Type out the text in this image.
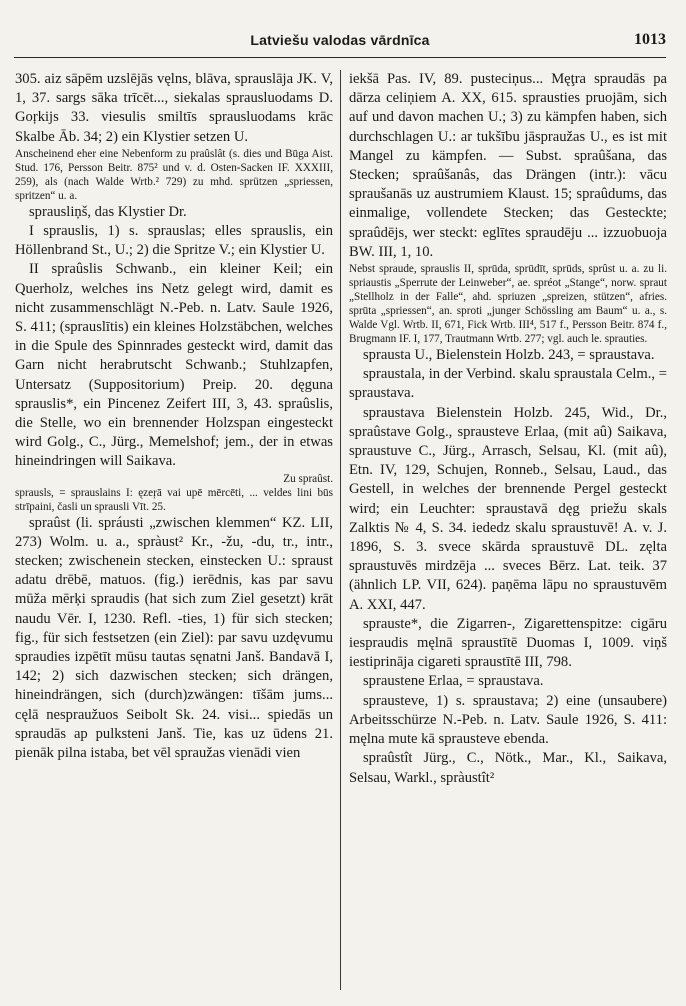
Latviešu valodas vārdnīca	1013

305. aiz sāpēm uzslējās vęlns, blāva, sprauslāja JK. V, 1, 37. sargs sāka trīcēt..., siekalas sprausluodams D. Goŗkijs 33. viesulis smiltīs sprausluodams krāc Skalbe Āb. 34; 2) ein Klystier setzen U.

Anscheinend eher eine Nebenform zu praûslât (s. dies und Būga Aist. Stud. 176, Persson Beitr. 875² und v. d. Osten-Sacken IF. XXXIII, 259), als (nach Walde Wrtb.² 729) zu mhd. sprützen „spriessen, spritzen“ u. a.

sprausliņš, das Klystier Dr.

I sprauslis, 1) s. sprauslas; elles sprauslis, ein Höllenbrand St., U.; 2) die Spritze V.; ein Klystier U.

II spraûslis Schwanb., ein kleiner Keil; ein Querholz, welches ins Netz gelegt wird, damit es nicht zusammenschlägt N.-Peb. n. Latv. Saule 1926, S. 411; (sprauslītis) ein kleines Holzstäbchen, welches in die Spule des Spinnrades gesteckt wird, damit das Garn nicht herabrutscht Schwanb.; Stuhlzapfen, Untersatz (Suppositorium) Preip. 20. dęguna sprauslis*, ein Pincenez Zeifert III, 3, 43. spraûslis, die Stelle, wo ein brennender Holzspan eingesteckt wird Golg., C., Jürg., Memelshof; jem., der in etwas hineindringen will Saikava.

Zu spraûst.
sprausls, = sprauslains I: ęzeŗā vai upē mērcēti, ... veldes lini būs strīpaini, časli un sprausli Vīt. 25.

spraûst (li. spráusti „zwischen klemmen“ KZ. LII, 273) Wolm. u. a., spràust² Kr., -žu, -du, tr., intr., stecken; zwischenein stecken, einstecken U.: spraust adatu drēbē, matuos. (fig.) ierēdnis, kas par savu mūža mērķi spraudis (hat sich zum Ziel gesetzt) krāt naudu Vēr. I, 1230. Refl. -ties, 1) für sich stecken; fig., für sich festsetzen (ein Ziel): par savu uzdęvumu spraudies izpētīt mūsu tautas sęnatni Janš. Bandavā I, 142; 2) sich dazwischen stecken; sich drängen, hineindrängen, sich (durch)zwängen: tīšām jums... cęlā nespraužuos Seibolt Sk. 24. visi... spiedās un spraudās ap pulksteni Janš. Tie, kas uz ūdens 21. pienāk pilna istaba, bet vēl spraužas vienādi vien

iekšā Pas. IV, 89. pusteciņus... Męţra spraudās pa dārza celiņiem A. XX, 615. sprausties pruojām, sich auf und davon machen U.; 3) zu kämpfen haben, sich durchschlagen U.: ar tukšību jāspraužas U., es ist mit Mangel zu kämpfen. — Subst. spraûšana, das Stecken; spraûšanâs, das Drängen (intr.): vācu spraušanās uz austrumiem Klaust. 15; spraûdums, das einmalige, vollendete Stecken; das Gesteckte; spraûdējs, wer steckt: eglītes spraudēju ... izzuobuoja BW. III, 1, 10.

Nebst spraude, sprauslis II, sprūda, sprūdīt, sprūds, sprûst u. a. zu li. spriaustis „Sperrute der Leinweber“, ae. spréot „Stange“, norw. spraut „Stellholz in der Falle“, ahd. spriuzen „spreizen, stützen“, afries. sprūta „spriessen“, an. sproti „junger Schössling am Baum“ u. a., s. Walde Vgl. Wrtb. II, 671, Fick Wrtb. III⁴, 517 f., Persson Beitr. 874 f., Brugmann IF. I, 177, Trautmann Wrtb. 277; vgl. auch le. sprauties.

sprausta U., Bielenstein Holzb. 243, = spraustava.

spraustala, in der Verbind. skalu spraustala Celm., = spraustava.

spraustava Bielenstein Holzb. 245, Wid., Dr., spraûstave Golg., sprausteve Erlaa, (mit aû) Saikava, spraustuve C., Jürg., Arrasch, Selsau, Kl. (mit aû), Etn. IV, 129, Schujen, Ronneb., Selsau, Laud., das Gestell, in welches der brennende Pergel gesteckt wird; ein Leuchter: spraustavā dęg priežu skals Zalktis № 4, S. 34. iededz skalu spraustuvē! A. v. J. 1896, S. 3. svece skārda spraustuvē DL. zęlta spraustuvēs mirdzēja ... sveces Bērz. Lat. teik. 37 (ähnlich LP. VII, 624). paņēma lāpu no spraustuvēm A. XXI, 447.

sprauste*, die Zigarren-, Zigarettenspitze: cigāru iespraudis męlnā spraustītē Duomas I, 1009. viņš iestiprināja cigareti spraustītē III, 798.

spraustene Erlaa, = spraustava.

sprausteve, 1) s. spraustava; 2) eine (unsaubere) Arbeitsschürze N.-Peb. n. Latv. Saule 1926, S. 411: męlna mute kā sprausteve ebenda.

spraûstît Jürg., C., Nötk., Mar., Kl., Saikava, Selsau, Warkl., spràustît²
